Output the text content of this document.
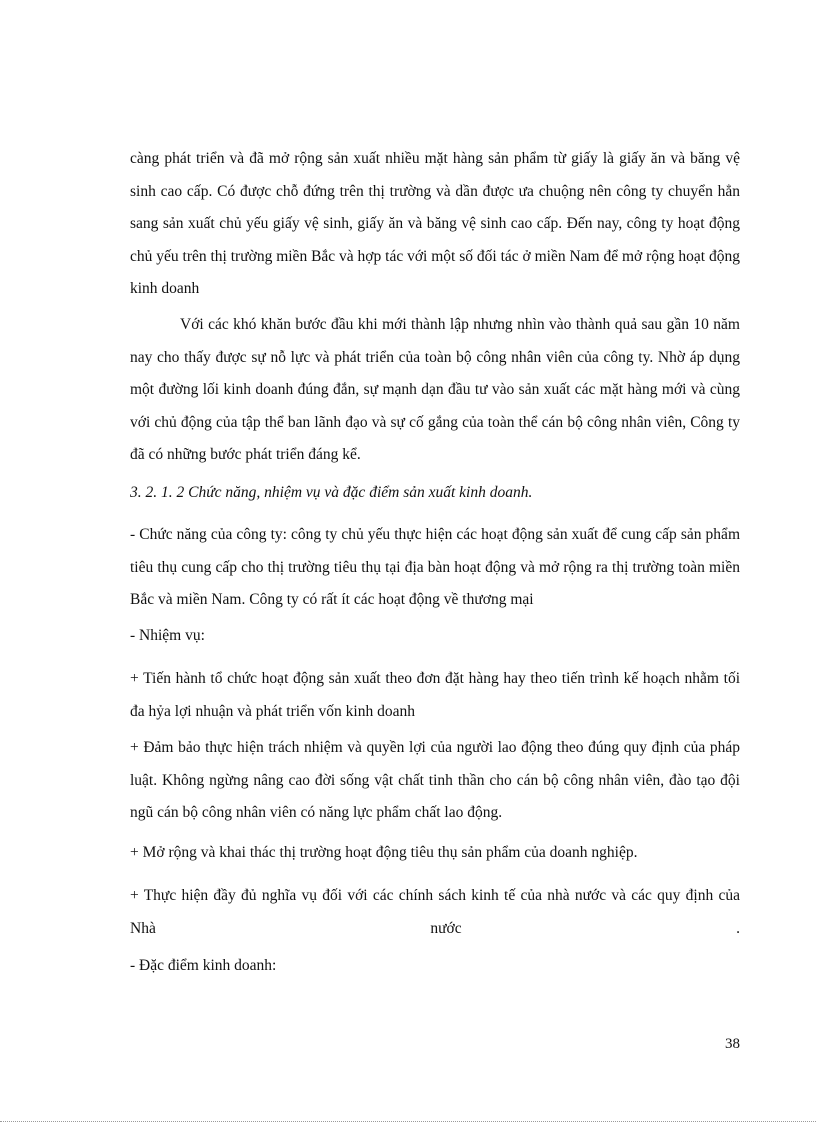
càng phát triển và đã mở rộng sản xuất nhiều mặt hàng sản phẩm từ giấy là giấy ăn và băng vệ sinh cao cấp. Có được chỗ đứng trên thị trường và dần được ưa chuộng nên công ty chuyển hẳn sang sản xuất chủ yếu giấy vệ sinh, giấy ăn và băng vệ sinh cao cấp. Đến nay, công ty hoạt động chủ yếu trên thị trường miền Bắc và hợp tác với một số đối tác ở miền Nam để mở rộng hoạt động kinh doanh

Với các khó khăn bước đầu khi mới thành lập nhưng nhìn vào thành quả sau gần 10 năm nay cho thấy được sự nỗ lực và phát triển của toàn bộ công nhân viên của công ty. Nhờ áp dụng một đường lối kinh doanh đúng đắn, sự mạnh dạn đầu tư vào sản xuất các mặt hàng mới và cùng với chủ động của tập thể ban lãnh đạo và sự cố gắng của toàn thể cán bộ công nhân viên, Công ty đã có những bước phát triển đáng kể.

3. 2. 1. 2 Chức năng, nhiệm vụ và đặc điểm sản xuất kinh doanh.

- Chức năng của công ty: công ty chủ yếu thực hiện các hoạt động sản xuất để cung cấp sản phẩm tiêu thụ cung cấp cho thị trường tiêu thụ tại địa bàn hoạt động và mở rộng ra thị trường toàn miền Bắc và miền Nam. Công ty có rất ít các hoạt động về thương mại

- Nhiệm vụ:

+ Tiến hành tổ chức hoạt động sản xuất theo đơn đặt hàng hay theo tiến trình kế hoạch nhằm tối đa hỷa lợi nhuận và phát triển vốn kinh doanh

+ Đảm bảo thực hiện trách nhiệm và quyền lợi của người lao động theo đúng quy định của pháp luật. Không ngừng nâng cao đời sống vật chất tinh thần cho cán bộ công nhân viên, đào tạo đội ngũ cán bộ công nhân viên có năng lực phẩm chất lao động.

+ Mở rộng và khai thác thị trường hoạt động tiêu thụ sản phẩm của doanh nghiệp.

+ Thực hiện đầy đủ nghĩa vụ đối với các chính sách kinh tế của nhà nước và các quy định của Nhà nước .

- Đặc điểm kinh doanh:

38
